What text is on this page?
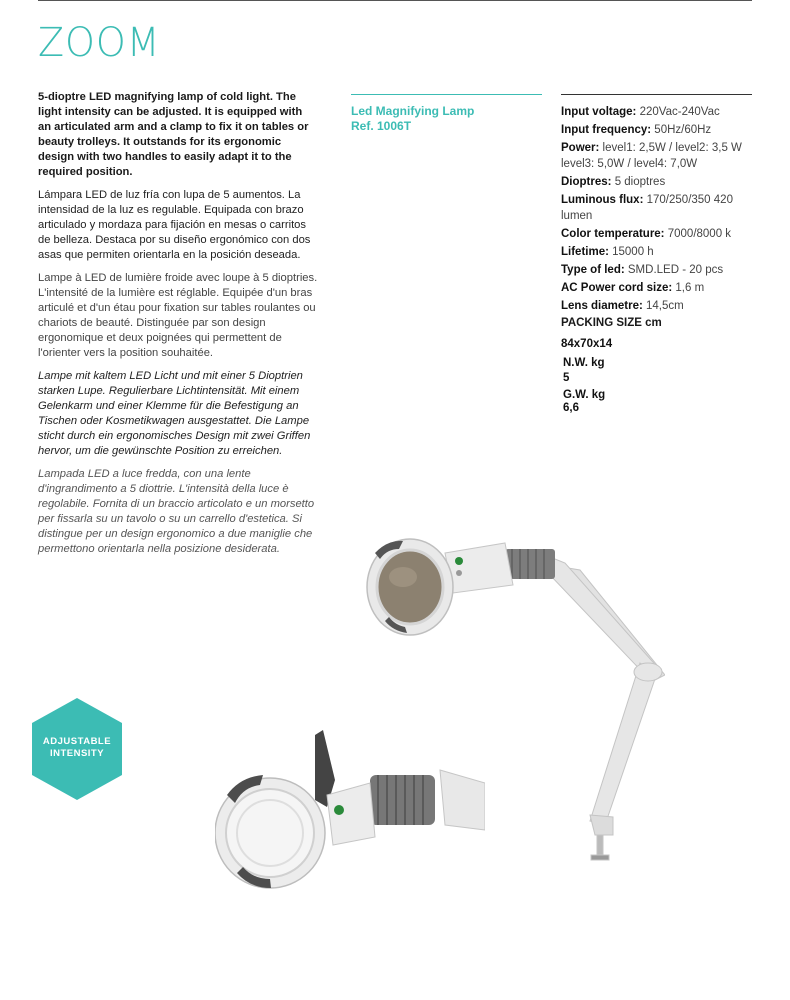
ZOOM

5-dioptre LED magnifying lamp of cold light. The light intensity can be adjusted. It is equipped with an articulated arm and a clamp to fix it on tables or beauty trolleys. It outstands for its ergonomic design with two handles to easily adapt it to the required position.

Lámpara LED de luz fría con lupa de 5 aumentos. La intensidad de la luz es regulable. Equipada con brazo articulado y mordaza para fijación en mesas o carritos de belleza. Destaca por su diseño ergonómico con dos asas que permiten orientarla en la posición deseada.

Lampe à LED de lumière froide avec loupe à 5 dioptries. L'intensité de la lumière est réglable. Equipée d'un bras articulé et d'un étau pour fixation sur tables roulantes ou chariots de beauté. Distinguée par son design ergonomique et deux poignées qui permettent de l'orienter vers la position souhaitée.

Lampe mit kaltem LED Licht und mit einer 5 Dioptrien starken Lupe. Regulierbare Lichtintensität. Mit einem Gelenkarm und einer Klemme für die Befestigung an Tischen oder Kosmetikwagen ausgestattet. Die Lampe sticht durch ein ergonomisches Design mit zwei Griffen hervor, um die gewünschte Position zu erreichen.

Lampada LED a luce fredda, con una lente d'ingrandimento a 5 diottrie. L'intensità della luce è regolabile. Fornita di un braccio articolato e un morsetto per fissarla su un tavolo o su un carrello d'estetica. Si distingue per un design ergonomico a due maniglie che permettono orientarla nella posizione desiderata.

Led Magnifying Lamp
Ref. 1006T
Input voltage: 220Vac-240Vac
Input frequency: 50Hz/60Hz
Power: level1: 2,5W / level2: 3,5 W level3: 5,0W / level4: 7,0W
Dioptres: 5 dioptres
Luminous flux: 170/250/350 420 lumen
Color temperature: 7000/8000 k
Lifetime: 15000 h
Type of led: SMD.LED - 20 pcs
AC Power cord size: 1,6 m
Lens diametre: 14,5cm
PACKING SIZE cm
84x70x14
N.W. kg
5
G.W. kg
6,6
ADJUSTABLE
INTENSITY
